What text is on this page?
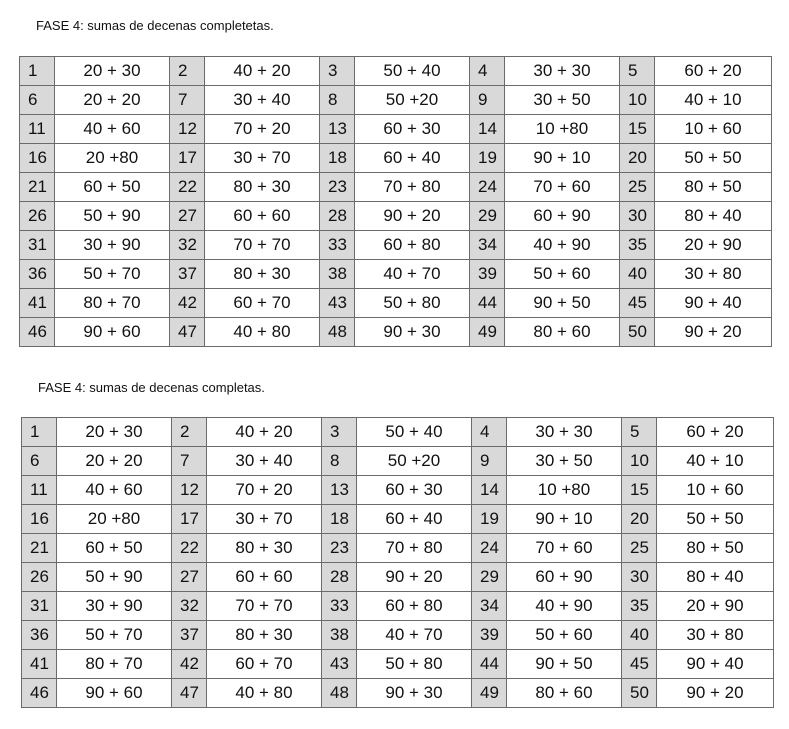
FASE 4: sumas de decenas completetas.
1	20 + 30	2	40 + 20	3	50 + 40	4	30 + 30	5	60 + 20
6	20 + 20	7	30 + 40	8	50 +20	9	30 + 50	10	40 + 10
11	40 + 60	12	70 + 20	13	60 + 30	14	10 +80	15	10 + 60
16	20 +80	17	30 + 70	18	60 + 40	19	90 + 10	20	50 + 50
21	60 + 50	22	80 + 30	23	70 + 80	24	70 + 60	25	80 + 50
26	50 + 90	27	60 + 60	28	90 + 20	29	60 + 90	30	80 + 40
31	30 + 90	32	70 + 70	33	60 + 80	34	40 + 90	35	20 + 90
36	50 + 70	37	80 + 30	38	40 + 70	39	50 + 60	40	30 + 80
41	80 + 70	42	60 + 70	43	50 + 80	44	90 + 50	45	90 + 40
46	90 + 60	47	40 + 80	48	90 + 30	49	80 + 60	50	90 + 20
FASE 4: sumas de decenas completas.
1	20 + 30	2	40 + 20	3	50 + 40	4	30 + 30	5	60 + 20
6	20 + 20	7	30 + 40	8	50 +20	9	30 + 50	10	40 + 10
11	40 + 60	12	70 + 20	13	60 + 30	14	10 +80	15	10 + 60
16	20 +80	17	30 + 70	18	60 + 40	19	90 + 10	20	50 + 50
21	60 + 50	22	80 + 30	23	70 + 80	24	70 + 60	25	80 + 50
26	50 + 90	27	60 + 60	28	90 + 20	29	60 + 90	30	80 + 40
31	30 + 90	32	70 + 70	33	60 + 80	34	40 + 90	35	20 + 90
36	50 + 70	37	80 + 30	38	40 + 70	39	50 + 60	40	30 + 80
41	80 + 70	42	60 + 70	43	50 + 80	44	90 + 50	45	90 + 40
46	90 + 60	47	40 + 80	48	90 + 30	49	80 + 60	50	90 + 20
